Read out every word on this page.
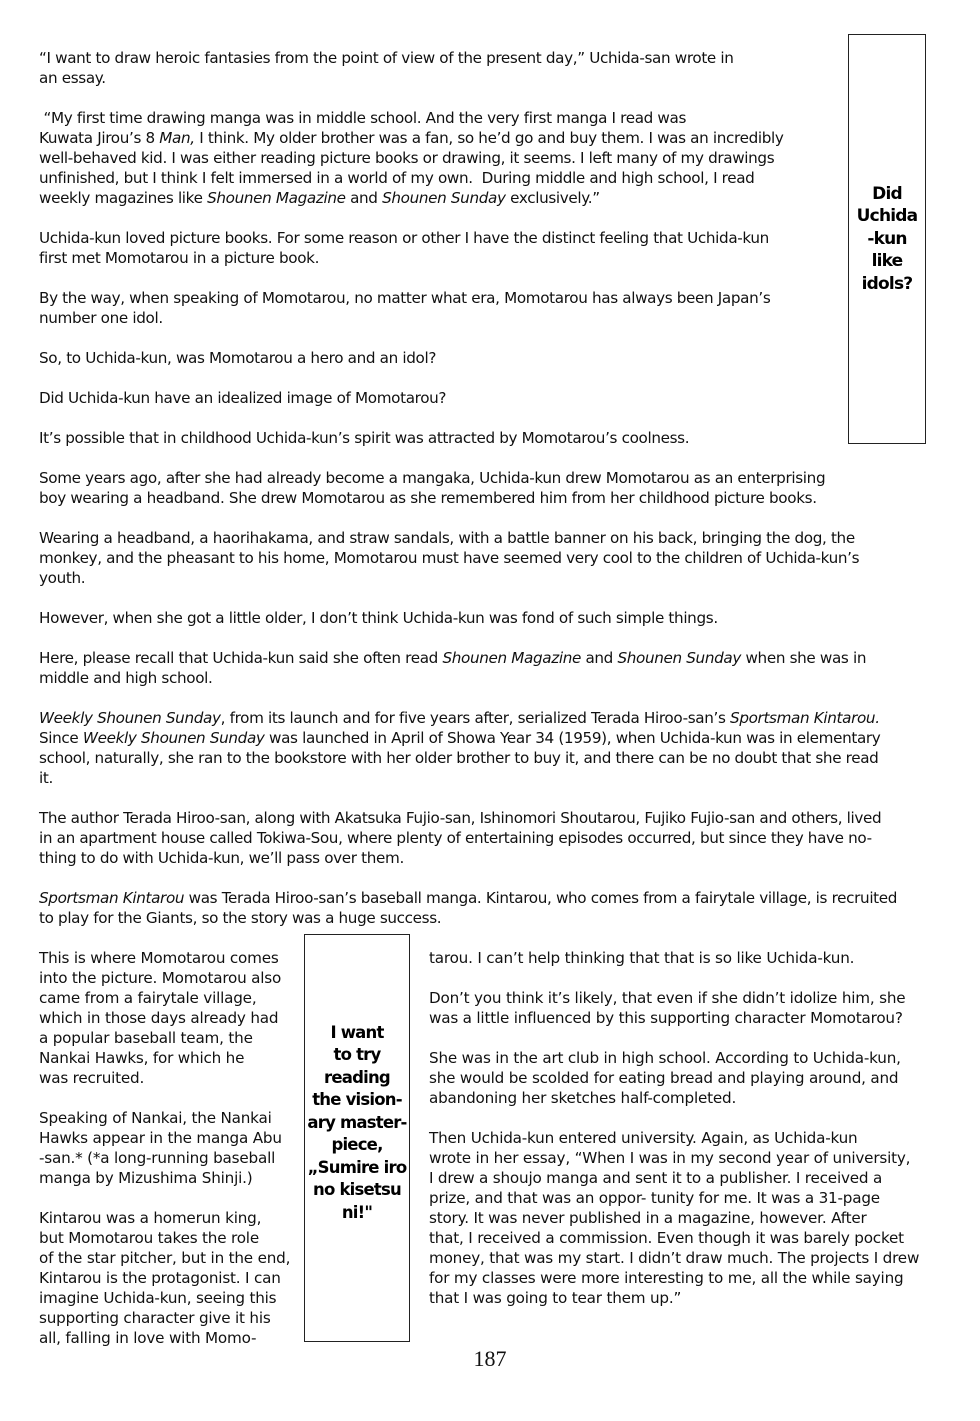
“I want to draw heroic fantasies from the point of view of the present day,” Uchida-san wrote in
an essay.
“My first time drawing manga was in middle school. And the very first manga I read was
Kuwata Jirou’s 8 Man, I think. My older brother was a fan, so he’d go and buy them. I was an incredibly
well-behaved kid. I was either reading picture books or drawing, it seems. I left many of my drawings
unfinished, but I think I felt immersed in a world of my own.  During middle and high school, I read
weekly magazines like Shounen Magazine and Shounen Sunday exclusively.”
Uchida-kun loved picture books. For some reason or other I have the distinct feeling that Uchida-kun
first met Momotarou in a picture book.
By the way, when speaking of Momotarou, no matter what era, Momotarou has always been Japan’s
number one idol.
So, to Uchida-kun, was Momotarou a hero and an idol?
Did Uchida-kun have an idealized image of Momotarou?
It’s possible that in childhood Uchida-kun’s spirit was attracted by Momotarou’s coolness.
Did
Uchida
-kun
like
idols?
Some years ago, after she had already become a mangaka, Uchida-kun drew Momotarou as an enterprising
boy wearing a headband. She drew Momotarou as she remembered him from her childhood picture books.
Wearing a headband, a haorihakama, and straw sandals, with a battle banner on his back, bringing the dog, the
monkey, and the pheasant to his home, Momotarou must have seemed very cool to the children of Uchida-kun’s
youth.
However, when she got a little older, I don’t think Uchida-kun was fond of such simple things.
Here, please recall that Uchida-kun said she often read Shounen Magazine and Shounen Sunday when she was in
middle and high school.
Weekly Shounen Sunday, from its launch and for five years after, serialized Terada Hiroo-san’s Sportsman Kintarou.
Since Weekly Shounen Sunday was launched in April of Showa Year 34 (1959), when Uchida-kun was in elementary
school, naturally, she ran to the bookstore with her older brother to buy it, and there can be no doubt that she read
it.
The author Terada Hiroo-san, along with Akatsuka Fujio-san, Ishinomori Shoutarou, Fujiko Fujio-san and others, lived
in an apartment house called Tokiwa-Sou, where plenty of entertaining episodes occurred, but since they have no-
thing to do with Uchida-kun, we’ll pass over them.
Sportsman Kintarou was Terada Hiroo-san’s baseball manga. Kintarou, who comes from a fairytale village, is recruited
to play for the Giants, so the story was a huge success.
This is where Momotarou comes
into the picture. Momotarou also
came from a fairytale village,
which in those days already had
a popular baseball team, the
Nankai Hawks, for which he
was recruited.
Speaking of Nankai, the Nankai
Hawks appear in the manga Abu
-san.* (*a long-running baseball
manga by Mizushima Shinji.)
Kintarou was a homerun king,
but Momotarou takes the role
of the star pitcher, but in the end,
Kintarou is the protagonist. I can
imagine Uchida-kun, seeing this
supporting character give it his
all, falling in love with Momo-
I want
to try
reading
the vision-
ary master-
piece,
„Sumire iro
no kisetsu
ni!"
tarou. I can’t help thinking that that is so like Uchida-kun.
Don’t you think it’s likely, that even if she didn’t idolize him, she
was a little influenced by this supporting character Momotarou?
She was in the art club in high school. According to Uchida-kun,
she would be scolded for eating bread and playing around, and
abandoning her sketches half-completed.
Then Uchida-kun entered university. Again, as Uchida-kun
wrote in her essay, “When I was in my second year of university,
I drew a shoujo manga and sent it to a publisher. I received a
prize, and that was an oppor- tunity for me. It was a 31-page
story. It was never published in a magazine, however. After
that, I received a commission. Even though it was barely pocket
money, that was my start. I didn’t draw much. The projects I drew
for my classes were more interesting to me, all the while saying
that I was going to tear them up.”
187
